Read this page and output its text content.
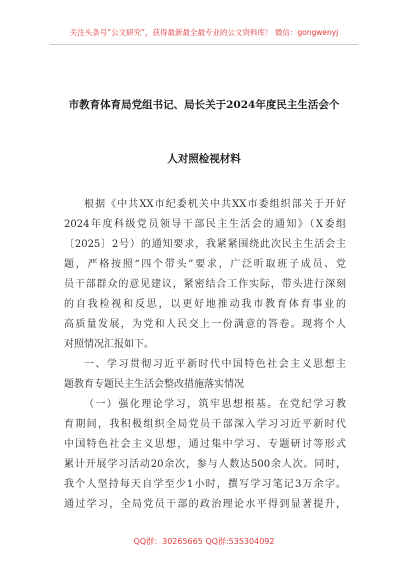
关注头条号“公文研究”，获得最新最全最专业的公文资料库！ 微信：gongwenyj
市教育体育局党组书记、局长关于2024年度民主生活会个
人对照检视材料
根据《中共XX市纪委机关中共XX市委组织部关于开好
2024年度科级党员领导干部民主生活会的通知》（X委组
〔2025〕2号）的通知要求，我紧紧围绕此次民主生活会主
题，严格按照“四个带头”要求，广泛听取班子成员、党
员干部群众的意见建议，紧密结合工作实际，带头进行深刻
的自我检视和反思，以更好地推动我市教育体育事业的
高质量发展，为党和人民交上一份满意的答卷。现将个人
对照情况汇报如下。
一、学习贯彻习近平新时代中国特色社会主义思想主
题教育专题民主生活会整改措施落实情况
（一）强化理论学习，筑牢思想根基。在党纪学习教
育期间，我积极组织全局党员干部深入学习习近平新时代
中国特色社会主义思想，通过集中学习、专题研讨等形式
累计开展学习活动20余次，参与人数达500余人次。同时，
我个人坚持每天自学至少1小时，撰写学习笔记3万余字。
通过学习，全局党员干部的政治理论水平得到显著提升，
QQ群：30265665 QQ群:535304092
